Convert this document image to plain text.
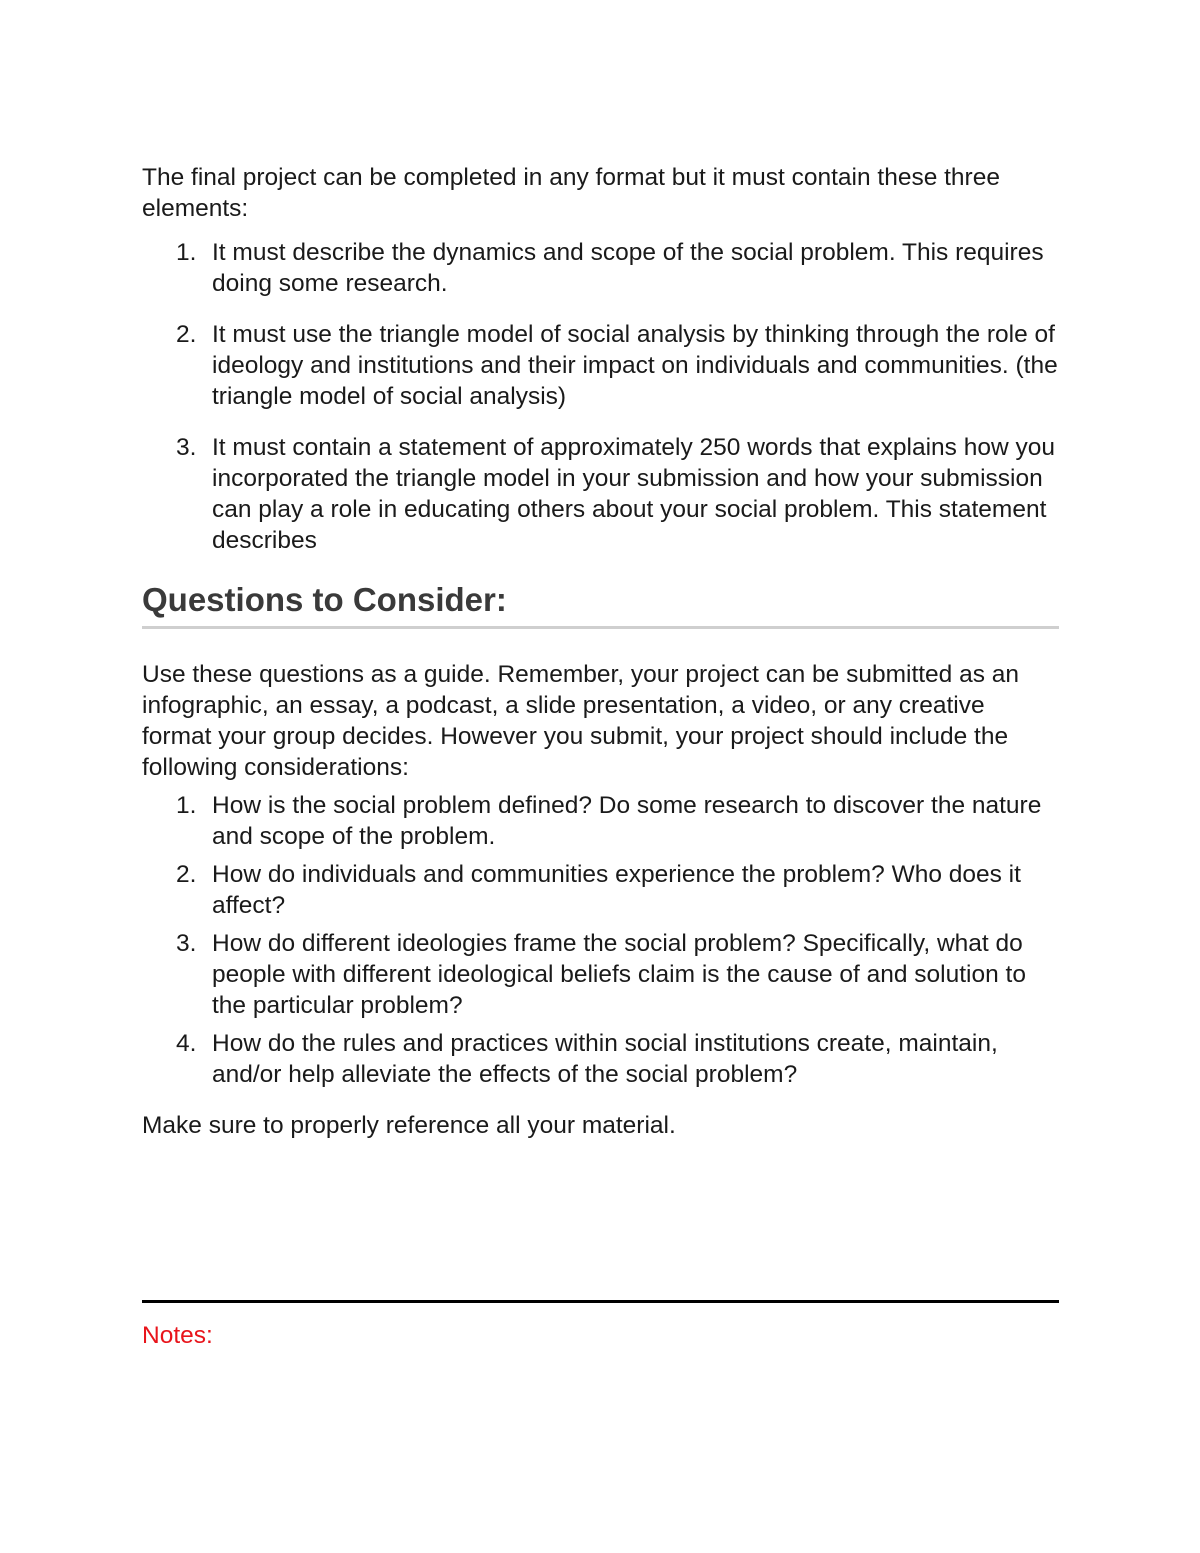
The final project can be completed in any format but it must contain these three elements:

1. It must describe the dynamics and scope of the social problem. This requires doing some research.
2. It must use the triangle model of social analysis by thinking through the role of ideology and institutions and their impact on individuals and communities. (the triangle model of social analysis)
3. It must contain a statement of approximately 250 words that explains how you incorporated the triangle model in your submission and how your submission can play a role in educating others about your social problem. This statement describes
Questions to Consider:

Use these questions as a guide. Remember, your project can be submitted as an infographic, an essay, a podcast, a slide presentation, a video, or any creative format your group decides. However you submit, your project should include the following considerations:

1. How is the social problem defined? Do some research to discover the nature and scope of the problem.
2. How do individuals and communities experience the problem? Who does it affect?
3. How do different ideologies frame the social problem? Specifically, what do people with different ideological beliefs claim is the cause of and solution to the particular problem?
4. How do the rules and practices within social institutions create, maintain, and/or help alleviate the effects of the social problem?

Make sure to properly reference all your material.

Notes:
